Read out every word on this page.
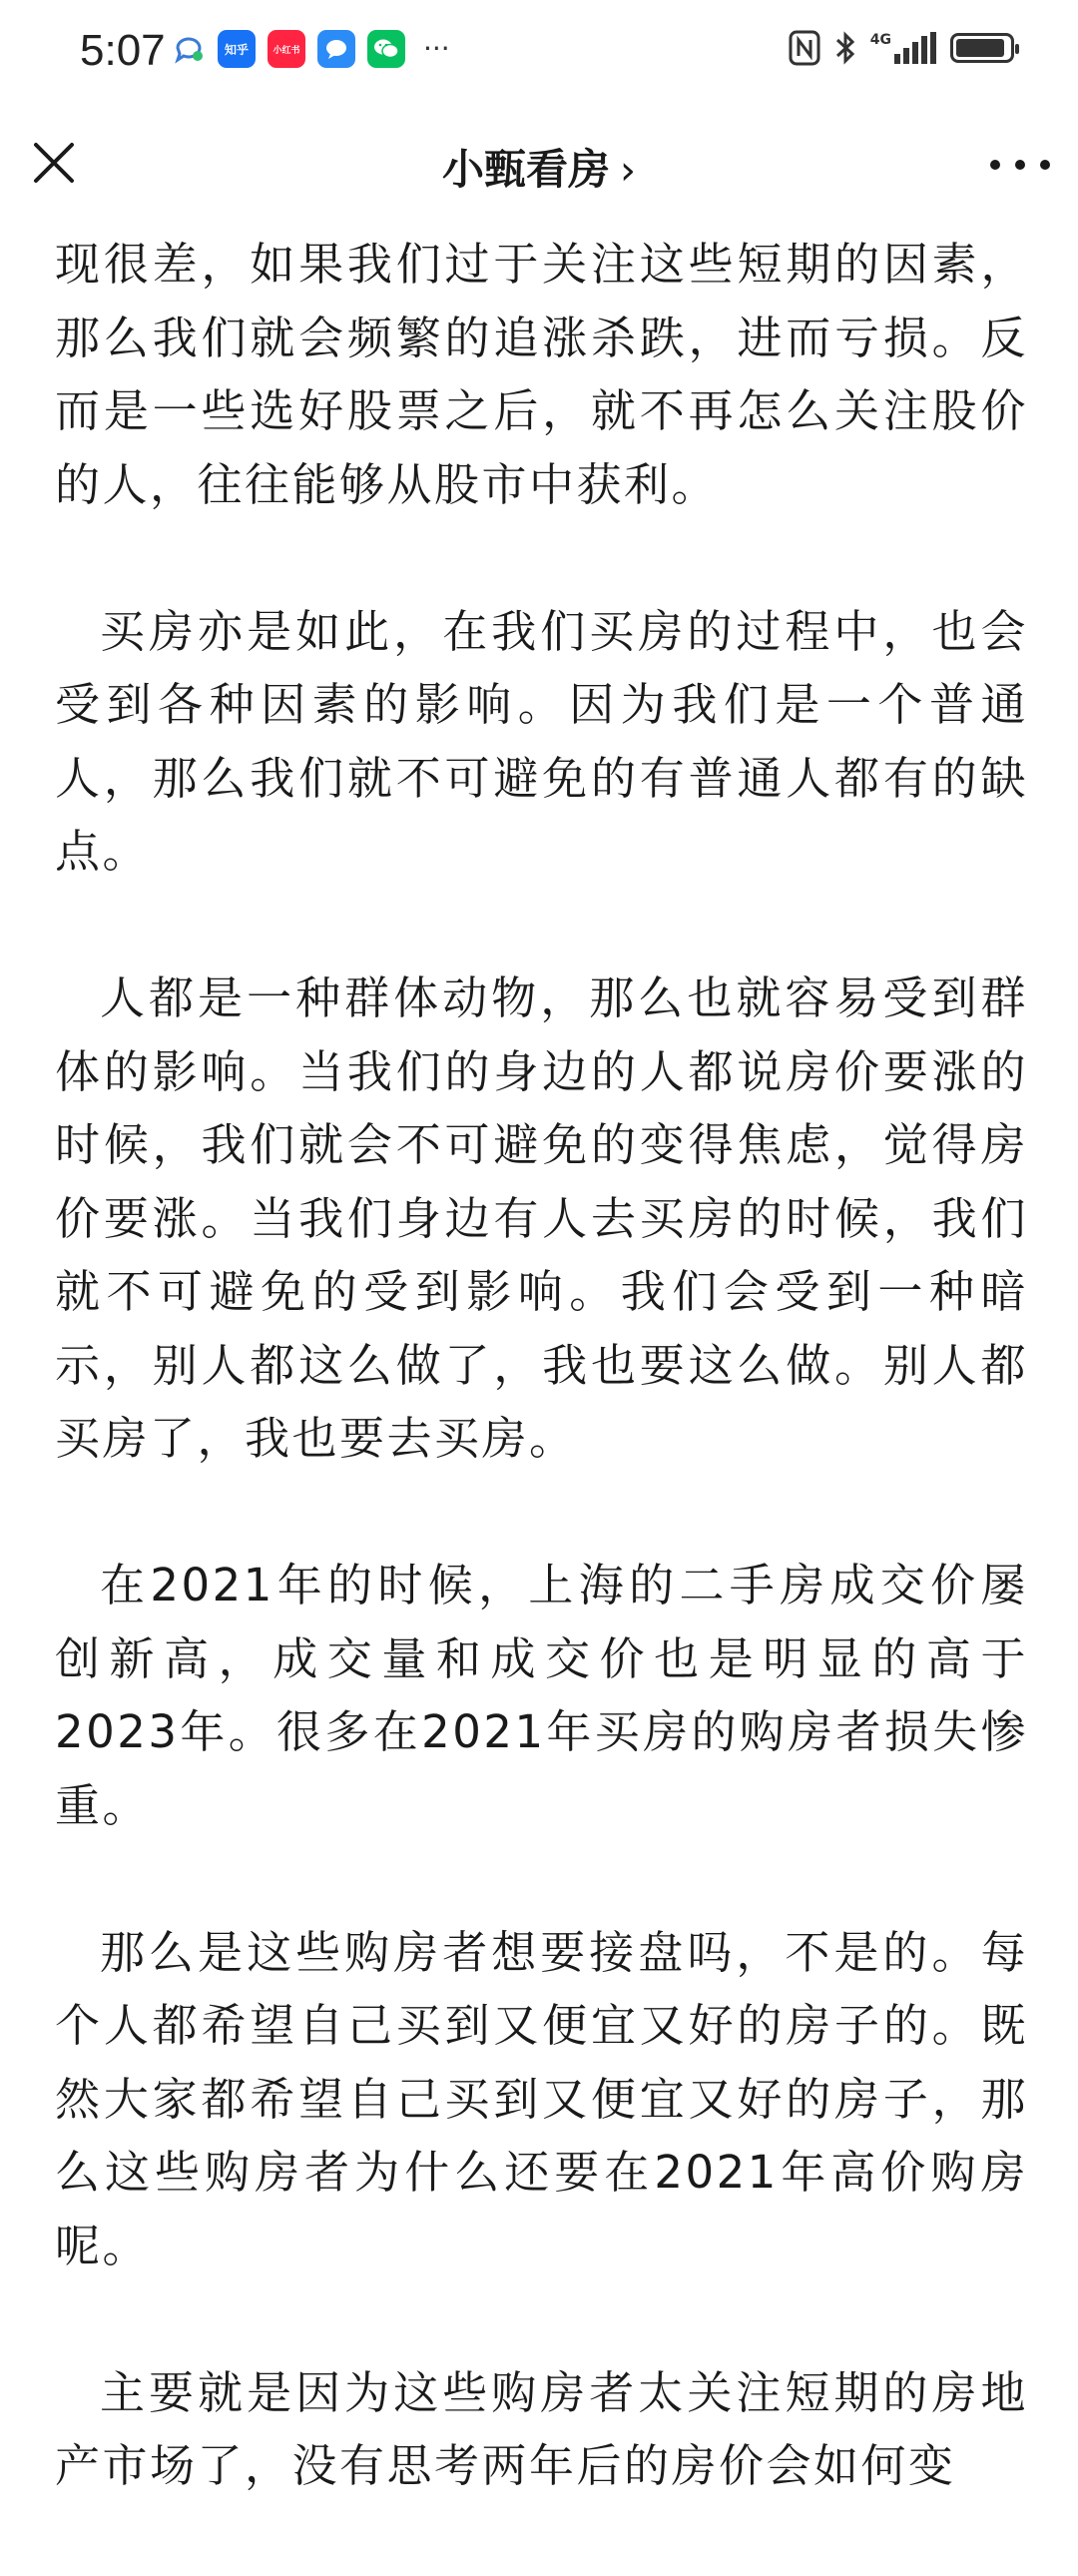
5:07	知乎	小红书	···	4G
小甄看房 ›

现很差，如果我们过于关注这些短期的因素，那么我们就会频繁的追涨杀跌，进而亏损。反而是一些选好股票之后，就不再怎么关注股价的人，往往能够从股市中获利。

买房亦是如此，在我们买房的过程中，也会受到各种因素的影响。因为我们是一个普通人，那么我们就不可避免的有普通人都有的缺点。

人都是一种群体动物，那么也就容易受到群体的影响。当我们的身边的人都说房价要涨的时候，我们就会不可避免的变得焦虑，觉得房价要涨。当我们身边有人去买房的时候，我们就不可避免的受到影响。我们会受到一种暗示，别人都这么做了，我也要这么做。别人都买房了，我也要去买房。

在2021年的时候，上海的二手房成交价屡创新高，成交量和成交价也是明显的高于2023年。很多在2021年买房的购房者损失惨重。

那么是这些购房者想要接盘吗，不是的。每个人都希望自己买到又便宜又好的房子的。既然大家都希望自己买到又便宜又好的房子，那么这些购房者为什么还要在2021年高价购房呢。

主要就是因为这些购房者太关注短期的房地产市场了，没有思考两年后的房价会如何变
